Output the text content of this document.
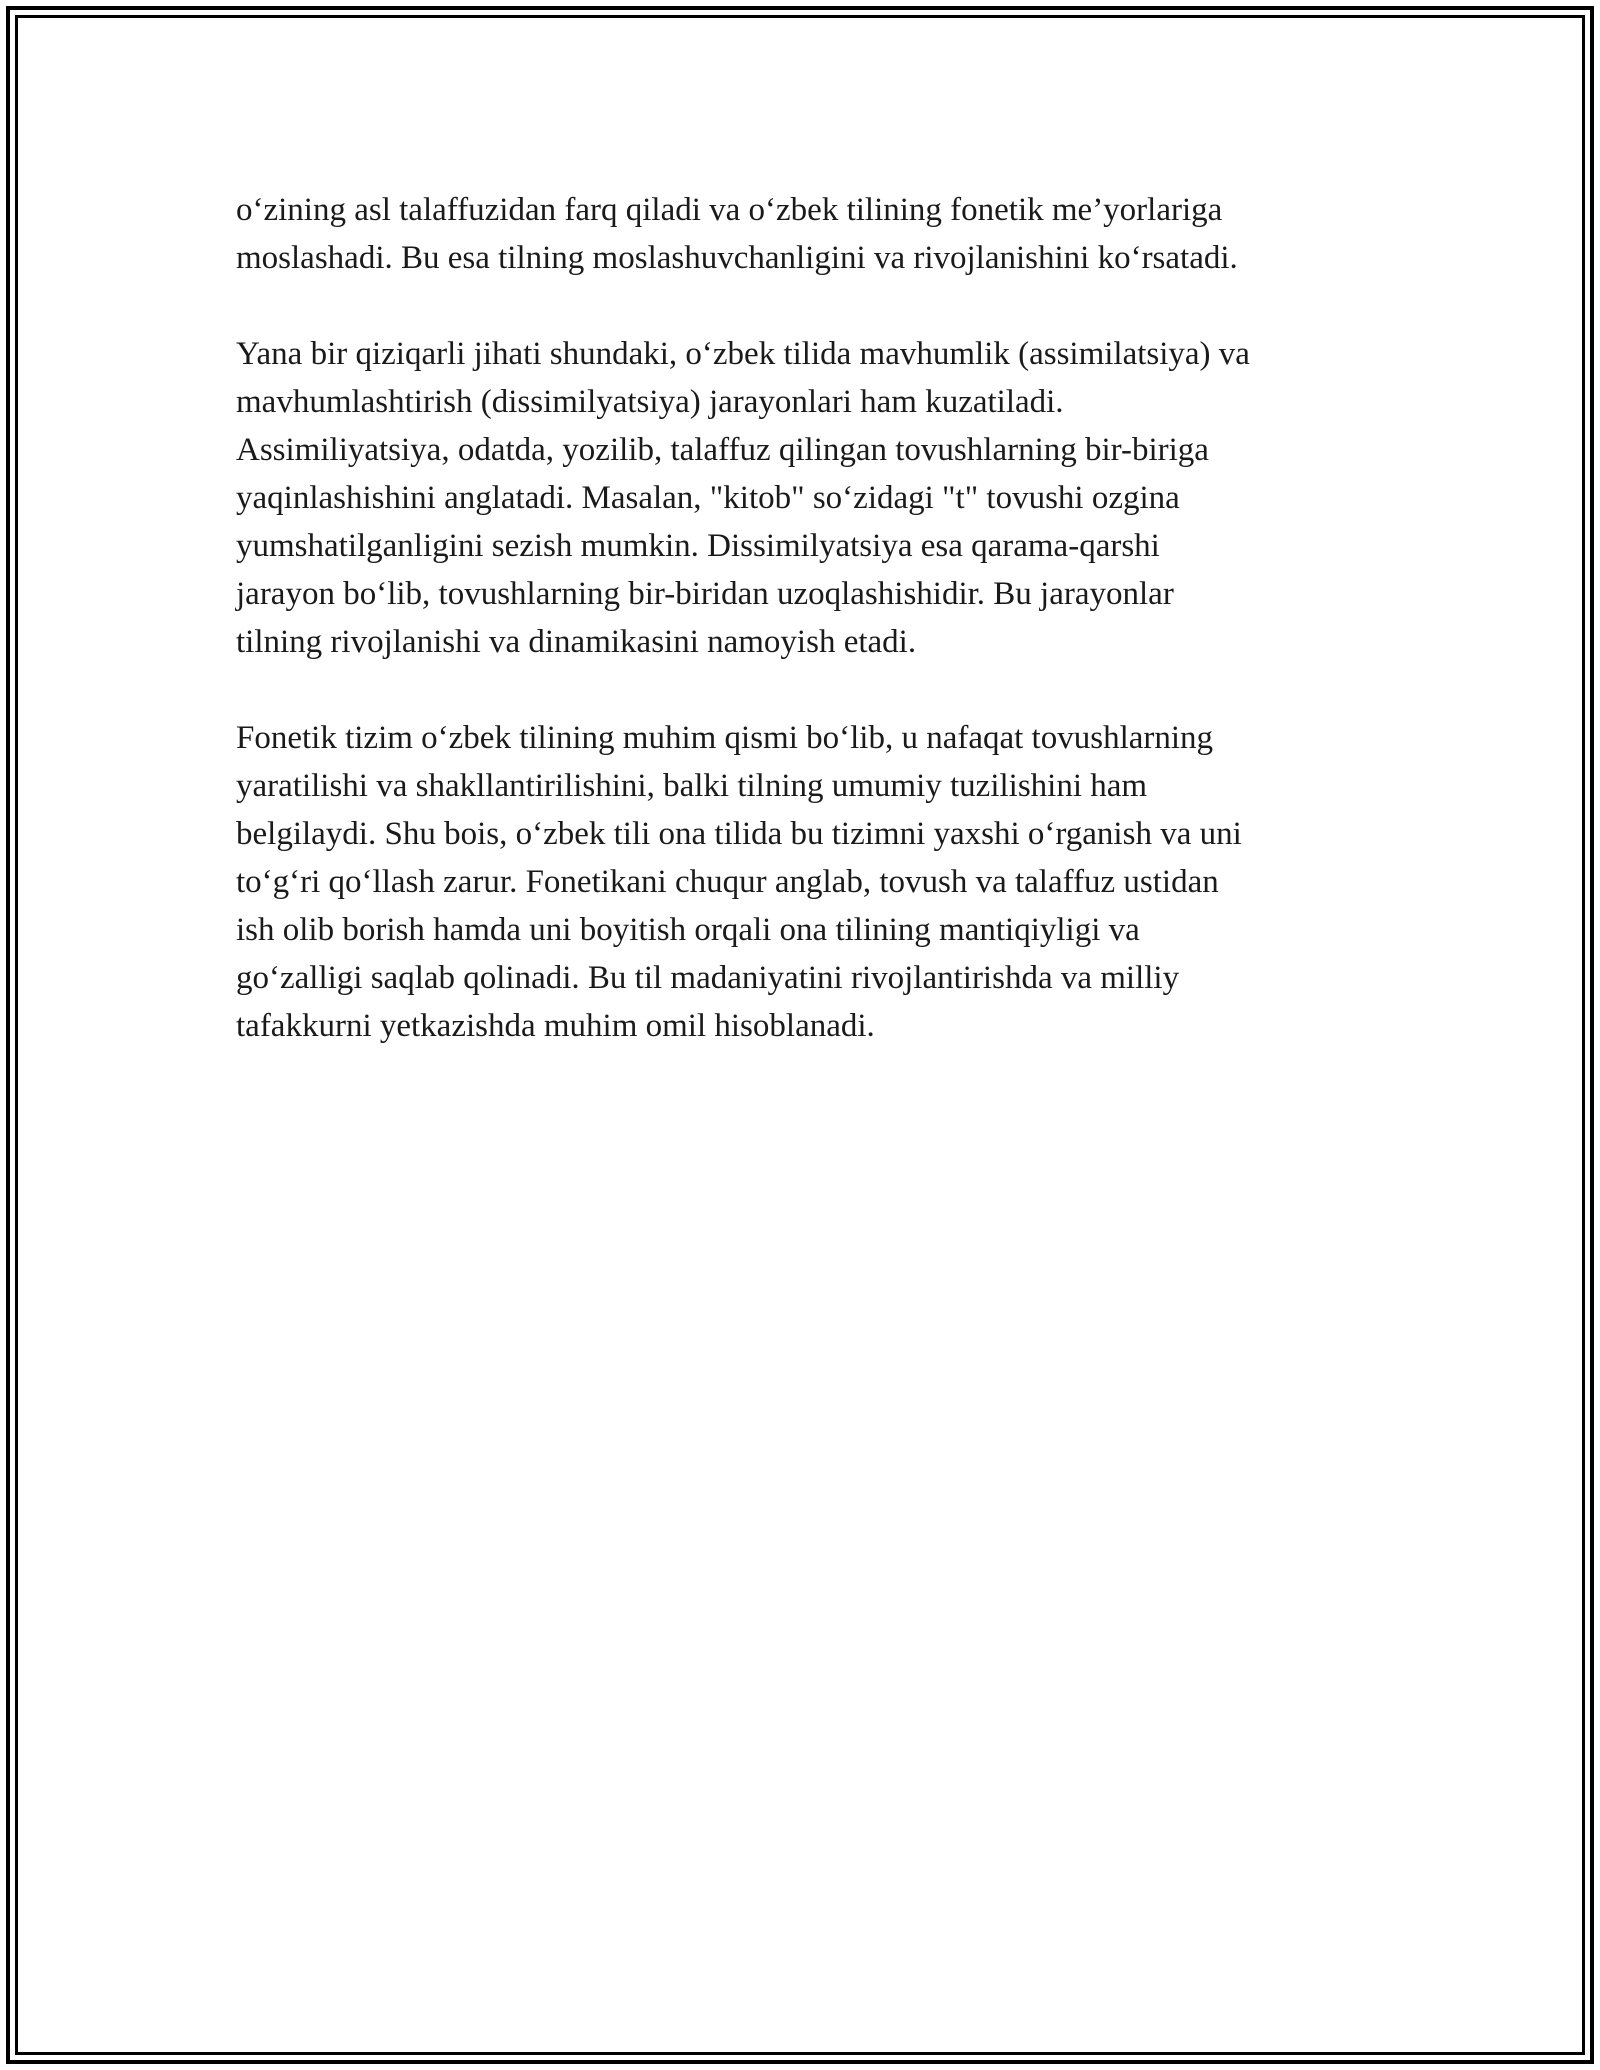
o‘zining asl talaffuzidan farq qiladi va o‘zbek tilining fonetik me’yorlariga
moslashadi. Bu esa tilning moslashuvchanligini va rivojlanishini ko‘rsatadi.

Yana bir qiziqarli jihati shundaki, o‘zbek tilida mavhumlik (assimilatsiya) va
mavhumlashtirish (dissimilyatsiya) jarayonlari ham kuzatiladi.
Assimiliyatsiya, odatda, yozilib, talaffuz qilingan tovushlarning bir-biriga
yaqinlashishini anglatadi. Masalan, "kitob" so‘zidagi "t" tovushi ozgina
yumshatilganligini sezish mumkin. Dissimilyatsiya esa qarama-qarshi
jarayon bo‘lib, tovushlarning bir-biridan uzoqlashishidir. Bu jarayonlar
tilning rivojlanishi va dinamikasini namoyish etadi.

Fonetik tizim o‘zbek tilining muhim qismi bo‘lib, u nafaqat tovushlarning
yaratilishi va shakllantirilishini, balki tilning umumiy tuzilishini ham
belgilaydi. Shu bois, o‘zbek tili ona tilida bu tizimni yaxshi o‘rganish va uni
to‘g‘ri qo‘llash zarur. Fonetikani chuqur anglab, tovush va talaffuz ustidan
ish olib borish hamda uni boyitish orqali ona tilining mantiqiyligi va
go‘zalligi saqlab qolinadi. Bu til madaniyatini rivojlantirishda va milliy
tafakkurni yetkazishda muhim omil hisoblanadi.
